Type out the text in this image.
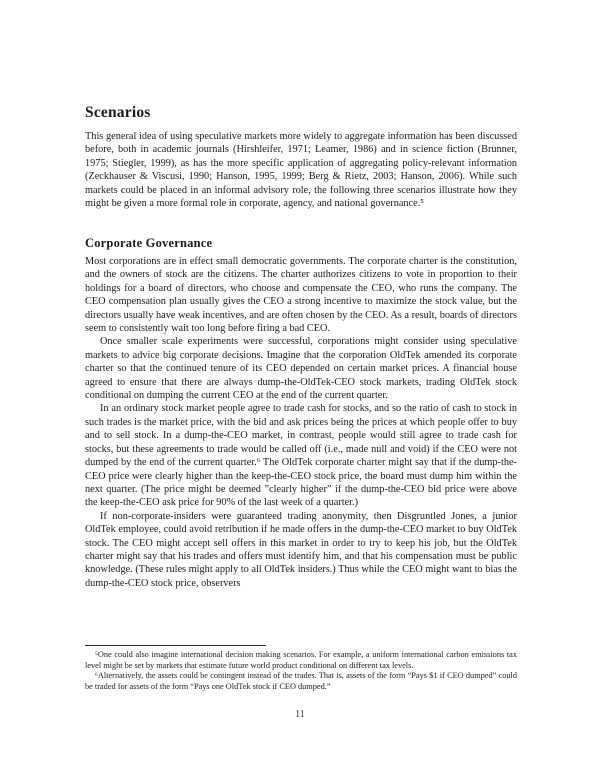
Scenarios

This general idea of using speculative markets more widely to aggregate information has been discussed before, both in academic journals (Hirshleifer, 1971; Leamer, 1986) and in science fiction (Brunner, 1975; Stiegler, 1999), as has the more specific application of aggregating policy-relevant information (Zeckhauser & Viscusi, 1990; Hanson, 1995, 1999; Berg & Rietz, 2003; Hanson, 2006). While such markets could be placed in an informal advisory role, the following three scenarios illustrate how they might be given a more formal role in corporate, agency, and national governance.⁵

Corporate Governance

Most corporations are in effect small democratic governments. The corporate charter is the constitution, and the owners of stock are the citizens. The charter authorizes citizens to vote in proportion to their holdings for a board of directors, who choose and compensate the CEO, who runs the company. The CEO compensation plan usually gives the CEO a strong incentive to maximize the stock value, but the directors usually have weak incentives, and are often chosen by the CEO. As a result, boards of directors seem to consistently wait too long before firing a bad CEO.

Once smaller scale experiments were successful, corporations might consider using speculative markets to advice big corporate decisions. Imagine that the corporation OldTek amended its corporate charter so that the continued tenure of its CEO depended on certain market prices. A financial house agreed to ensure that there are always dump-the-OldTek-CEO stock markets, trading OldTek stock conditional on dumping the current CEO at the end of the current quarter.

In an ordinary stock market people agree to trade cash for stocks, and so the ratio of cash to stock in such trades is the market price, with the bid and ask prices being the prices at which people offer to buy and to sell stock. In a dump-the-CEO market, in contrast, people would still agree to trade cash for stocks, but these agreements to trade would be called off (i.e., made null and void) if the CEO were not dumped by the end of the current quarter.⁶ The OldTek corporate charter might say that if the dump-the-CEO price were clearly higher than the keep-the-CEO stock price, the board must dump him within the next quarter. (The price might be deemed ”clearly higher” if the dump-the-CEO bid price were above the keep-the-CEO ask price for 90% of the last week of a quarter.)

If non-corporate-insiders were guaranteed trading anonymity, then Disgruntled Jones, a junior OldTek employee, could avoid retribution if he made offers in the dump-the-CEO market to buy OldTek stock. The CEO might accept sell offers in this market in order to try to keep his job, but the OldTek charter might say that his trades and offers must identify him, and that his compensation must be public knowledge. (These rules might apply to all OldTek insiders.) Thus while the CEO might want to bias the dump-the-CEO stock price, observers

⁵One could also imagine international decision making scenarios. For example, a uniform international carbon emissions tax level might be set by markets that estimate future world product conditional on different tax levels.

⁶Alternatively, the assets could be contingent instead of the trades. That is, assets of the form “Pays $1 if CEO dumped” could be traded for assets of the form “Pays one OldTek stock if CEO dumped.”

11
